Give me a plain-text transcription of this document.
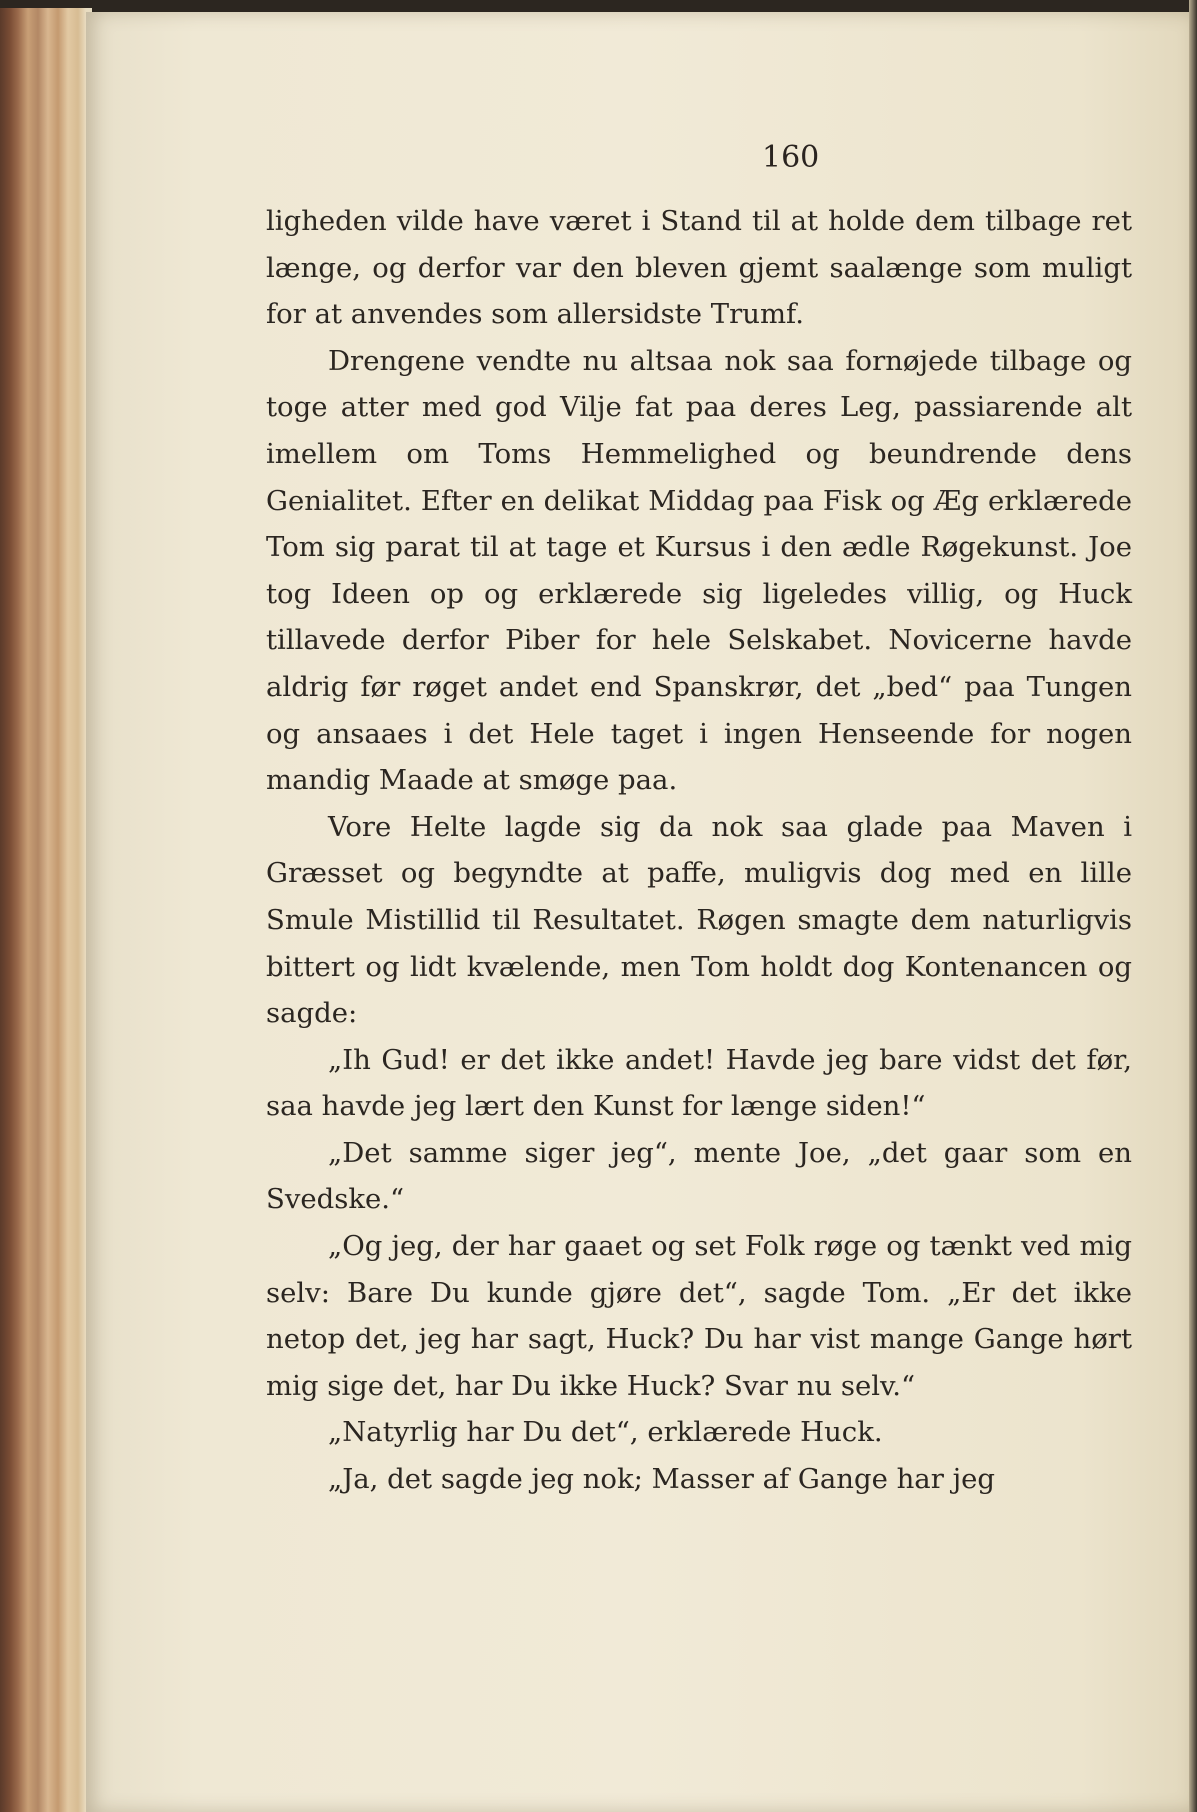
160

ligheden vilde have været i Stand til at holde dem tilbage ret længe, og derfor var den bleven gjemt saalænge som muligt for at anvendes som allersidste Trumf.

Drengene vendte nu altsaa nok saa fornøjede tilbage og toge atter med god Vilje fat paa deres Leg, passiarende alt imellem om Toms Hemmelighed og beundrende dens Genialitet. Efter en delikat Middag paa Fisk og Æg erklærede Tom sig parat til at tage et Kursus i den ædle Røgekunst. Joe tog Ideen op og erklærede sig ligeledes villig, og Huck tillavede derfor Piber for hele Selskabet. Novicerne havde aldrig før røget andet end Spanskrør, det „bed“ paa Tungen og ansaaes i det Hele taget i ingen Henseende for nogen mandig Maade at smøge paa.

Vore Helte lagde sig da nok saa glade paa Maven i Græsset og begyndte at paffe, muligvis dog med en lille Smule Mistillid til Resultatet. Røgen smagte dem naturligvis bittert og lidt kvælende, men Tom holdt dog Kontenancen og sagde:

„Ih Gud! er det ikke andet! Havde jeg bare vidst det før, saa havde jeg lært den Kunst for længe siden!“

„Det samme siger jeg“, mente Joe, „det gaar som en Svedske.“

„Og jeg, der har gaaet og set Folk røge og tænkt ved mig selv: Bare Du kunde gjøre det“, sagde Tom. „Er det ikke netop det, jeg har sagt, Huck? Du har vist mange Gange hørt mig sige det, har Du ikke Huck? Svar nu selv.“

„Natyrlig har Du det“, erklærede Huck.

„Ja, det sagde jeg nok; Masser af Gange har jeg
